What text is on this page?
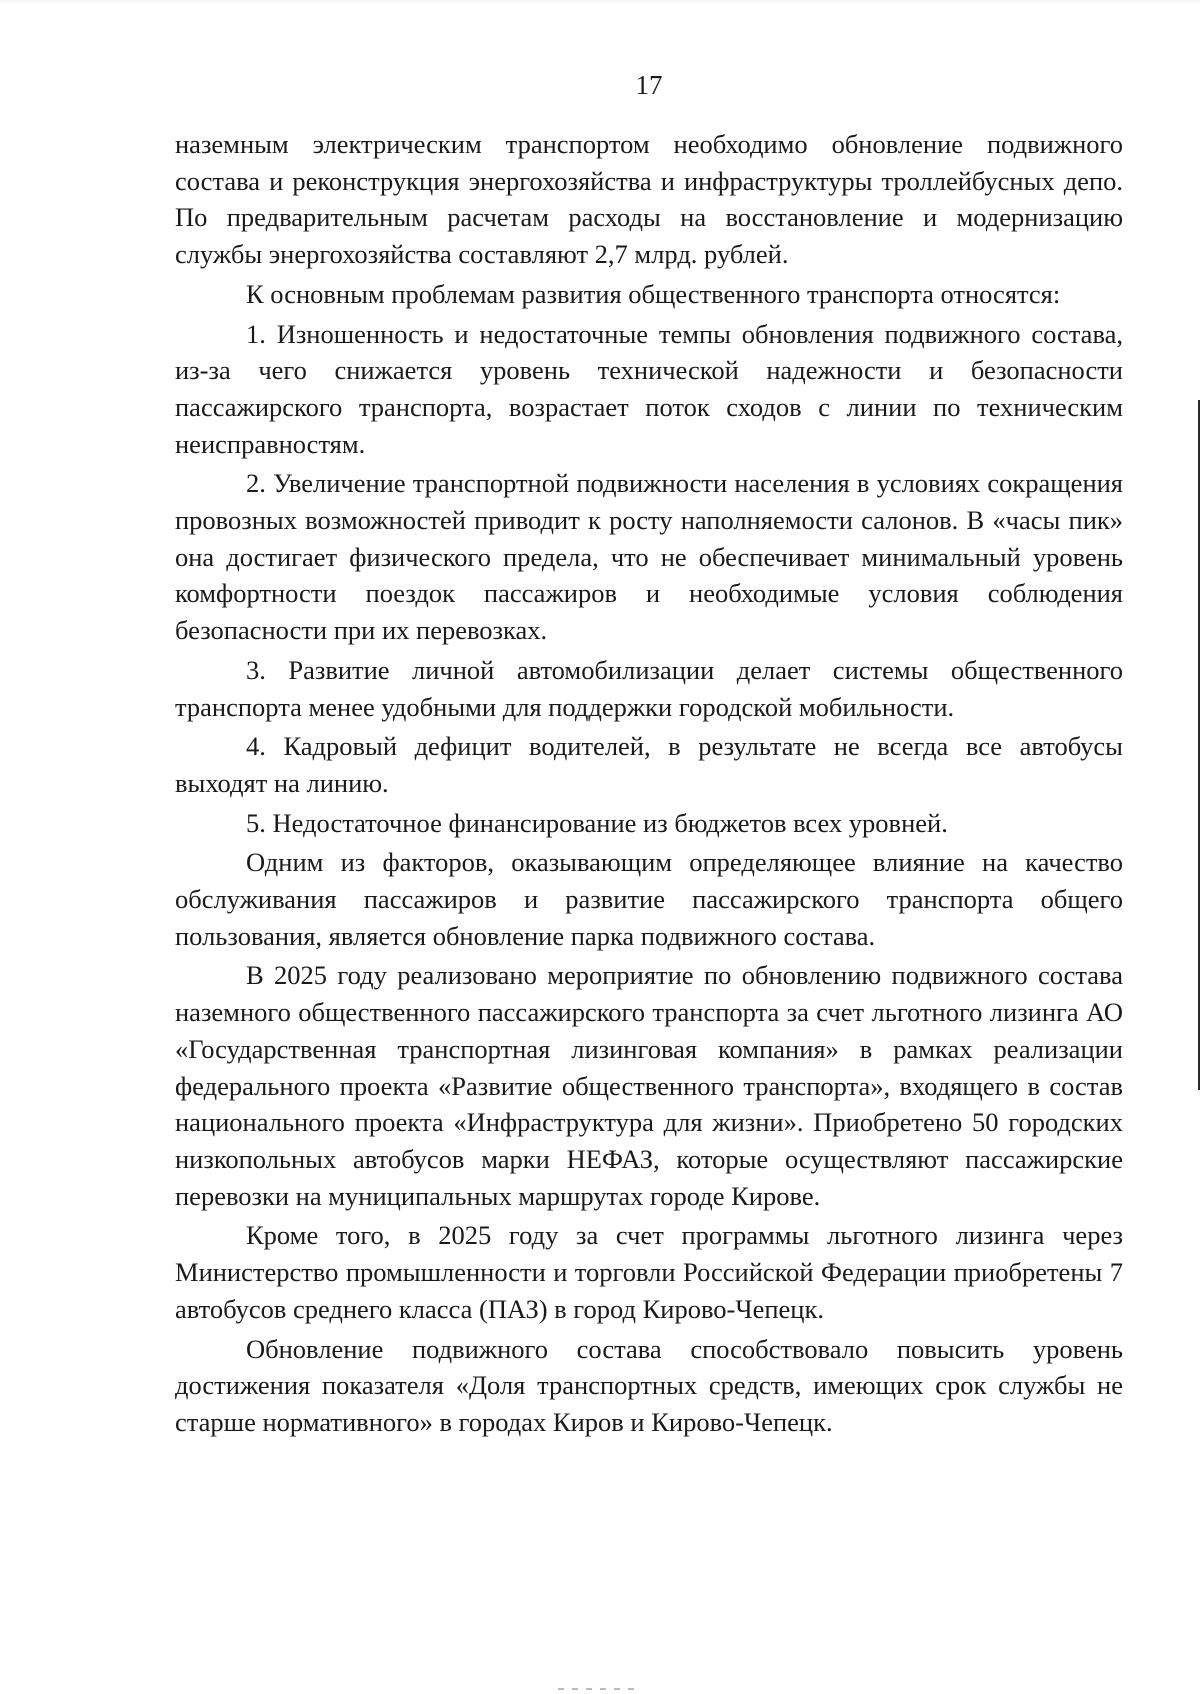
17

наземным электрическим транспортом необходимо обновление подвижного состава и реконструкция энергохозяйства и инфраструктуры троллейбусных депо. По предварительным расчетам расходы на восстановление и модернизацию службы энергохозяйства составляют 2,7 млрд. рублей.

К основным проблемам развития общественного транспорта относятся:

1. Изношенность и недостаточные темпы обновления подвижного состава, из-за чего снижается уровень технической надежности и безопасности пассажирского транспорта, возрастает поток сходов с линии по техническим неисправностям.

2. Увеличение транспортной подвижности населения в условиях сокращения провозных возможностей приводит к росту наполняемости салонов. В «часы пик» она достигает физического предела, что не обеспечивает минимальный уровень комфортности поездок пассажиров и необходимые условия соблюдения безопасности при их перевозках.

3. Развитие личной автомобилизации делает системы общественного транспорта менее удобными для поддержки городской мобильности.

4. Кадровый дефицит водителей, в результате не всегда все автобусы выходят на линию.

5. Недостаточное финансирование из бюджетов всех уровней.

Одним из факторов, оказывающим определяющее влияние на качество обслуживания пассажиров и развитие пассажирского транспорта общего пользования, является обновление парка подвижного состава.

В 2025 году реализовано мероприятие по обновлению подвижного состава наземного общественного пассажирского транспорта за счет льготного лизинга АО «Государственная транспортная лизинговая компания» в рамках реализации федерального проекта «Развитие общественного транспорта», входящего в состав национального проекта «Инфраструктура для жизни». Приобретено 50 городских низкопольных автобусов марки НЕФАЗ, которые осуществляют пассажирские перевозки на муниципальных маршрутах городе Кирове.

Кроме того, в 2025 году за счет программы льготного лизинга через Министерство промышленности и торговли Российской Федерации приобретены 7 автобусов среднего класса (ПАЗ) в город Кирово-Чепецк.

Обновление подвижного состава способствовало повысить уровень достижения показателя «Доля транспортных средств, имеющих срок службы не старше нормативного» в городах Киров и Кирово-Чепецк.
